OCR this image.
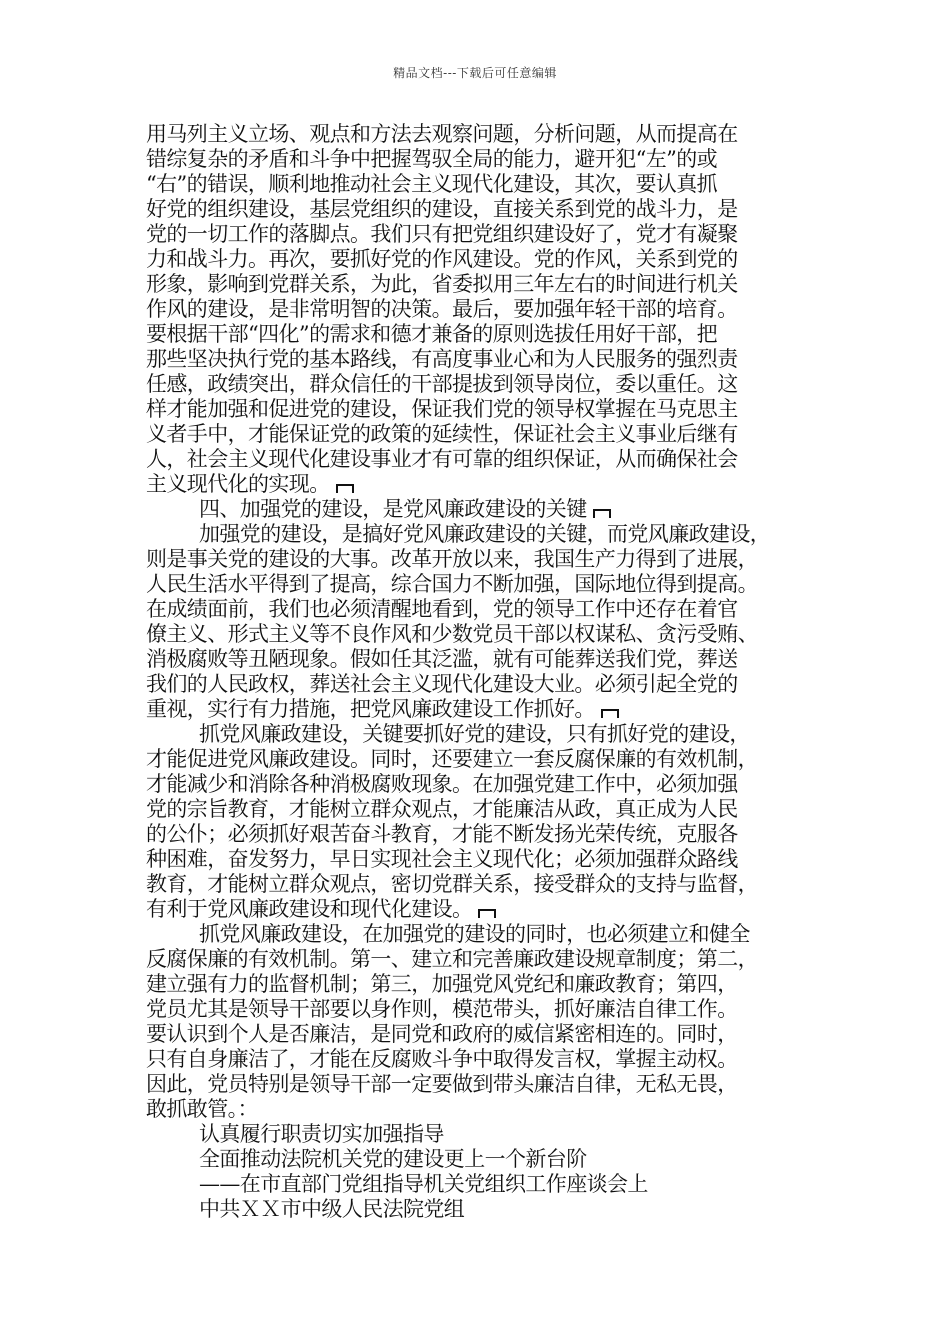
精品文档---下载后可任意编辑
用马列主义立场、观点和方法去观察问题，分析问题，从而提高在
错综复杂的矛盾和斗争中把握驾驭全局的能力，避开犯“左”的或
“右”的错误，顺利地推动社会主义现代化建设，其次，要认真抓
好党的组织建设，基层党组织的建设，直接关系到党的战斗力，是
党的一切工作的落脚点。我们只有把党组织建设好了，党才有凝聚
力和战斗力。再次，要抓好党的作风建设。党的作风，关系到党的
形象，影响到党群关系，为此，省委拟用三年左右的时间进行机关
作风的建设，是非常明智的决策。最后，要加强年轻干部的培育。
要根据干部“四化”的需求和德才兼备的原则选拔任用好干部，把
那些坚决执行党的基本路线，有高度事业心和为人民服务的强烈责
任感，政绩突出，群众信任的干部提拔到领导岗位，委以重任。这
样才能加强和促进党的建设，保证我们党的领导权掌握在马克思主
义者手中，才能保证党的政策的延续性，保证社会主义事业后继有
人，社会主义现代化建设事业才有可靠的组织保证，从而确保社会
主义现代化的实现。
四、加强党的建设，是党风廉政建设的关键
加强党的建设，是搞好党风廉政建设的关键，而党风廉政建设，
则是事关党的建设的大事。改革开放以来，我国生产力得到了进展，
人民生活水平得到了提高，综合国力不断加强，国际地位得到提高。
在成绩面前，我们也必须清醒地看到，党的领导工作中还存在着官
僚主义、形式主义等不良作风和少数党员干部以权谋私、贪污受贿、
消极腐败等丑陋现象。假如任其泛滥，就有可能葬送我们党，葬送
我们的人民政权，葬送社会主义现代化建设大业。必须引起全党的
重视，实行有力措施，把党风廉政建设工作抓好。
抓党风廉政建设，关键要抓好党的建设，只有抓好党的建设，
才能促进党风廉政建设。同时，还要建立一套反腐保廉的有效机制，
才能减少和消除各种消极腐败现象。在加强党建工作中，必须加强
党的宗旨教育，才能树立群众观点，才能廉洁从政，真正成为人民
的公仆；必须抓好艰苦奋斗教育，才能不断发扬光荣传统，克服各
种困难，奋发努力，早日实现社会主义现代化；必须加强群众路线
教育，才能树立群众观点，密切党群关系，接受群众的支持与监督，
有利于党风廉政建设和现代化建设。
抓党风廉政建设，在加强党的建设的同时，也必须建立和健全
反腐保廉的有效机制。第一、建立和完善廉政建设规章制度；第二，
建立强有力的监督机制；第三，加强党风党纪和廉政教育；第四，
党员尤其是领导干部要以身作则，模范带头，抓好廉洁自律工作。
要认识到个人是否廉洁，是同党和政府的威信紧密相连的。同时，
只有自身廉洁了，才能在反腐败斗争中取得发言权，掌握主动权。
因此，党员特别是领导干部一定要做到带头廉洁自律，无私无畏，
敢抓敢管。：
认真履行职责切实加强指导
全面推动法院机关党的建设更上一个新台阶
——在市直部门党组指导机关党组织工作座谈会上
中共ＸＸ市中级人民法院党组
